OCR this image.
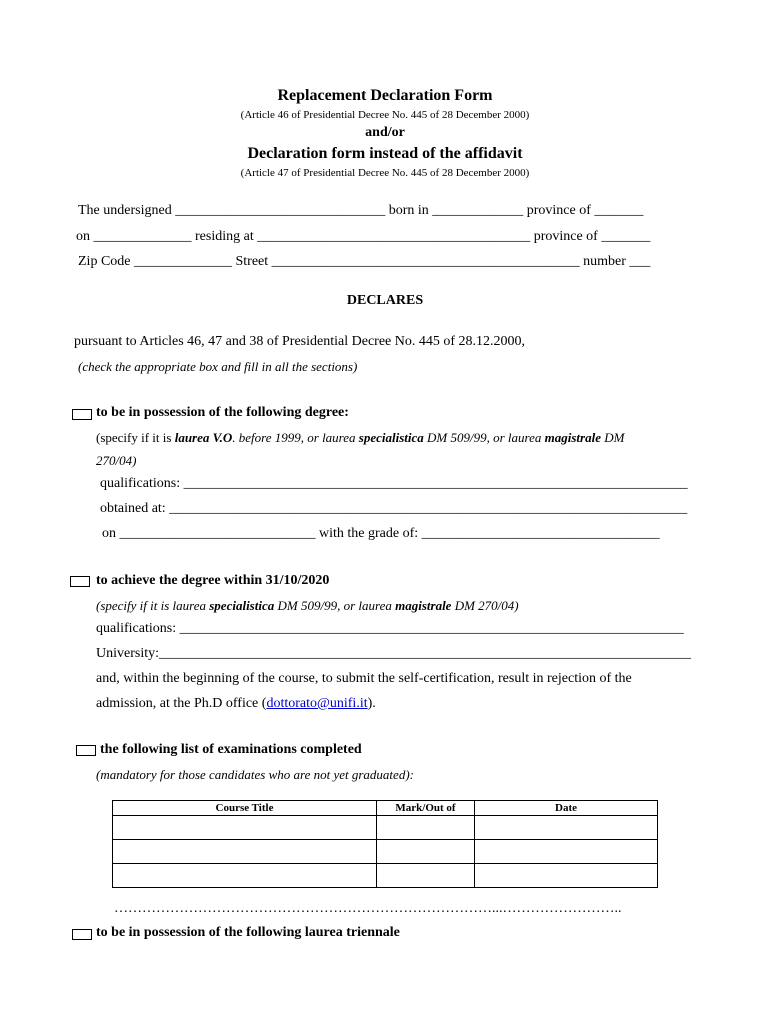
Replacement Declaration Form
(Article 46 of Presidential Decree No. 445 of 28 December 2000)
and/or
Declaration form instead of the affidavit
(Article 47 of Presidential Decree No. 445 of 28 December 2000)
The undersigned ______________________________ born in _____________ province of _______
on ______________ residing at _______________________________________ province of _______
Zip Code ______________ Street ____________________________________________ number ___
DECLARES
pursuant to Articles 46, 47 and 38 of Presidential Decree No. 445 of 28.12.2000,
(check the appropriate box and fill in all the sections)
to be in possession of the following degree:
(specify if it is laurea V.O. before 1999, or laurea specialistica DM 509/99, or laurea magistrale DM
270/04)
qualifications: ________________________________________________________________________
obtained at: __________________________________________________________________________
on ____________________________ with the grade of: __________________________________
to achieve the degree within 31/10/2020
(specify if it is laurea specialistica DM 509/99, or laurea magistrale DM 270/04)
qualifications: ________________________________________________________________________
University:____________________________________________________________________________
and, within the beginning of the course, to submit the self-certification, result in rejection of the
admission, at the Ph.D office (dottorato@unifi.it).
the following list of examinations completed
(mandatory for those candidates who are not yet graduated):
Course Title	Mark/Out of	Date

………………………………………………………………………...……………………..
to be in possession of the following laurea triennale
